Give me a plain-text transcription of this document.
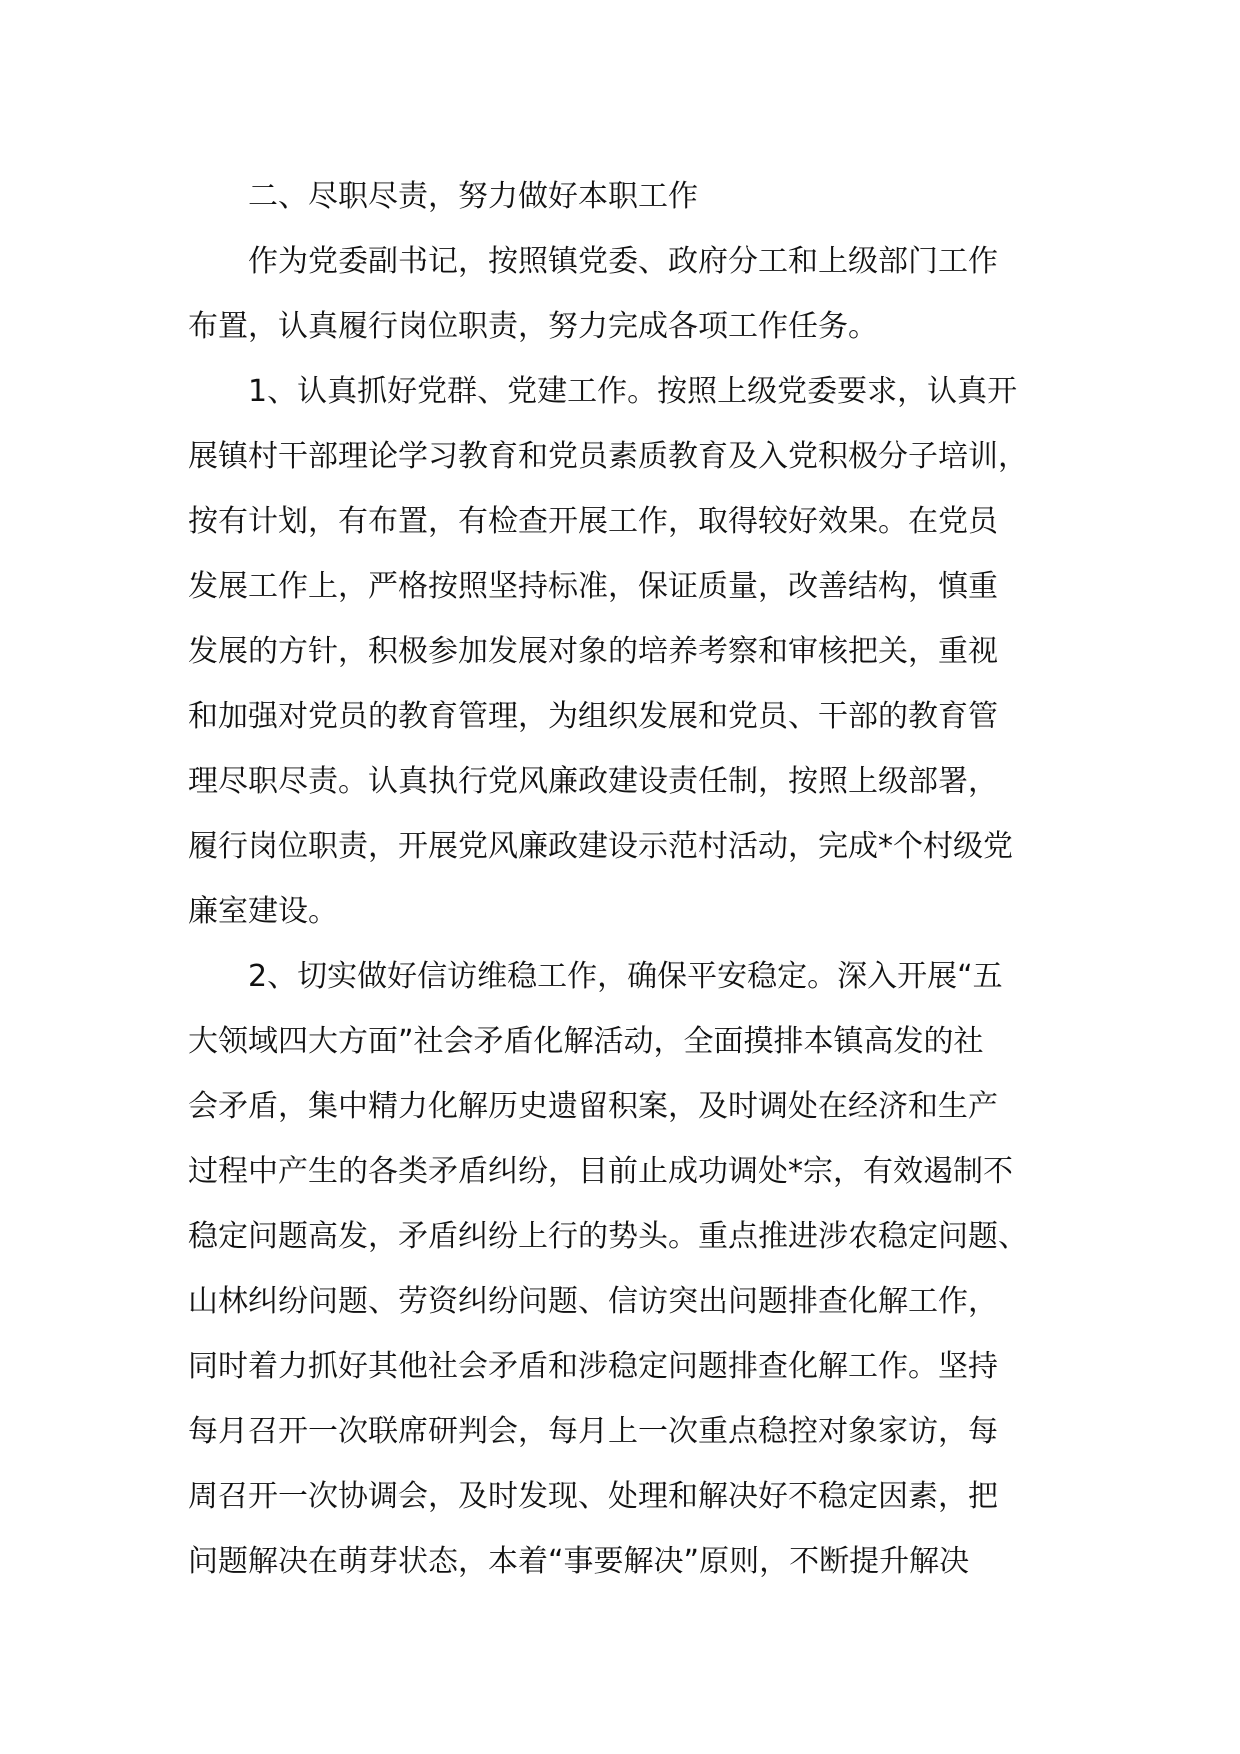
二、尽职尽责，努力做好本职工作
作为党委副书记，按照镇党委、政府分工和上级部门工作
布置，认真履行岗位职责，努力完成各项工作任务。
1、认真抓好党群、党建工作。按照上级党委要求，认真开
展镇村干部理论学习教育和党员素质教育及入党积极分子培训，
按有计划，有布置，有检查开展工作，取得较好效果。在党员
发展工作上，严格按照坚持标准，保证质量，改善结构，慎重
发展的方针，积极参加发展对象的培养考察和审核把关，重视
和加强对党员的教育管理，为组织发展和党员、干部的教育管
理尽职尽责。认真执行党风廉政建设责任制，按照上级部署，
履行岗位职责，开展党风廉政建设示范村活动，完成*个村级党
廉室建设。
2、切实做好信访维稳工作，确保平安稳定。深入开展“五
大领域四大方面”社会矛盾化解活动，全面摸排本镇高发的社
会矛盾，集中精力化解历史遗留积案，及时调处在经济和生产
过程中产生的各类矛盾纠纷，目前止成功调处*宗，有效遏制不
稳定问题高发，矛盾纠纷上行的势头。重点推进涉农稳定问题、
山林纠纷问题、劳资纠纷问题、信访突出问题排查化解工作，
同时着力抓好其他社会矛盾和涉稳定问题排查化解工作。坚持
每月召开一次联席研判会，每月上一次重点稳控对象家访，每
周召开一次协调会，及时发现、处理和解决好不稳定因素，把
问题解决在萌芽状态，本着“事要解决”原则，不断提升解决
